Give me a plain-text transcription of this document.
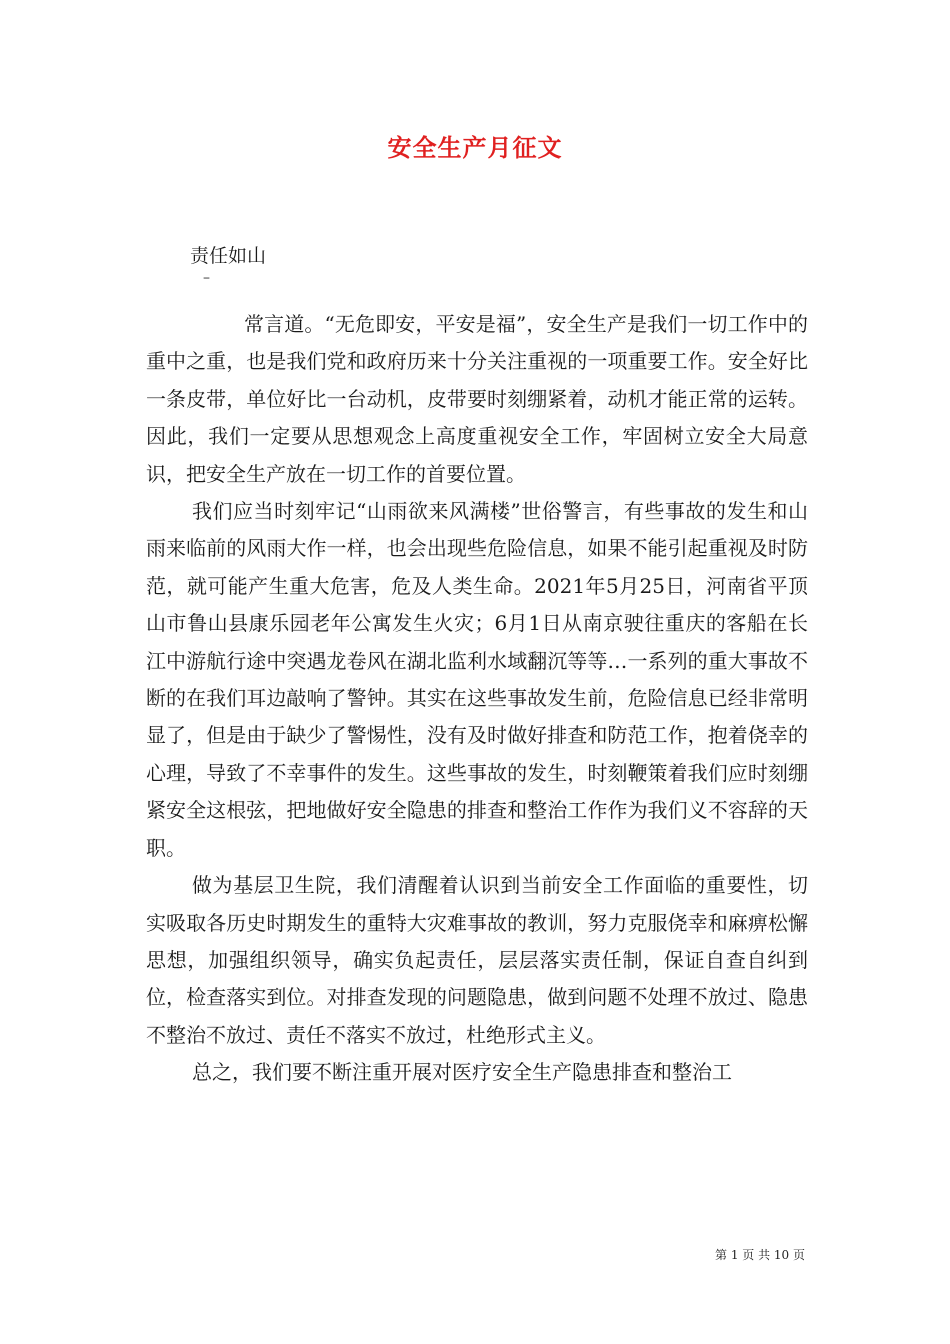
安全生产月征文
责任如山
–

常言道。“无危即安，平安是福”，安全生产是我们一切工作中的重中之重，也是我们党和政府历来十分关注重视的一项重要工作。安全好比一条皮带，单位好比一台动机，皮带要时刻绷紧着，动机才能正常的运转。因此，我们一定要从思想观念上高度重视安全工作，牢固树立安全大局意识，把安全生产放在一切工作的首要位置。

我们应当时刻牢记“山雨欲来风满楼”世俗警言，有些事故的发生和山雨来临前的风雨大作一样，也会出现些危险信息，如果不能引起重视及时防范，就可能产生重大危害，危及人类生命。2021年5月25日，河南省平顶山市鲁山县康乐园老年公寓发生火灾；6月1日从南京驶往重庆的客船在长江中游航行途中突遇龙卷风在湖北监利水域翻沉等等…一系列的重大事故不断的在我们耳边敲响了警钟。其实在这些事故发生前，危险信息已经非常明显了，但是由于缺少了警惕性，没有及时做好排查和防范工作，抱着侥幸的心理，导致了不幸事件的发生。这些事故的发生，时刻鞭策着我们应时刻绷紧安全这根弦，把地做好安全隐患的排查和整治工作作为我们义不容辞的天职。

做为基层卫生院，我们清醒着认识到当前安全工作面临的重要性，切实吸取各历史时期发生的重特大灾难事故的教训，努力克服侥幸和麻痹松懈思想，加强组织领导，确实负起责任，层层落实责任制，保证自查自纠到位，检查落实到位。对排查发现的问题隐患，做到问题不处理不放过、隐患不整治不放过、责任不落实不放过，杜绝形式主义。

总之，我们要不断注重开展对医疗安全生产隐患排查和整治工

第 1 页 共 10 页
